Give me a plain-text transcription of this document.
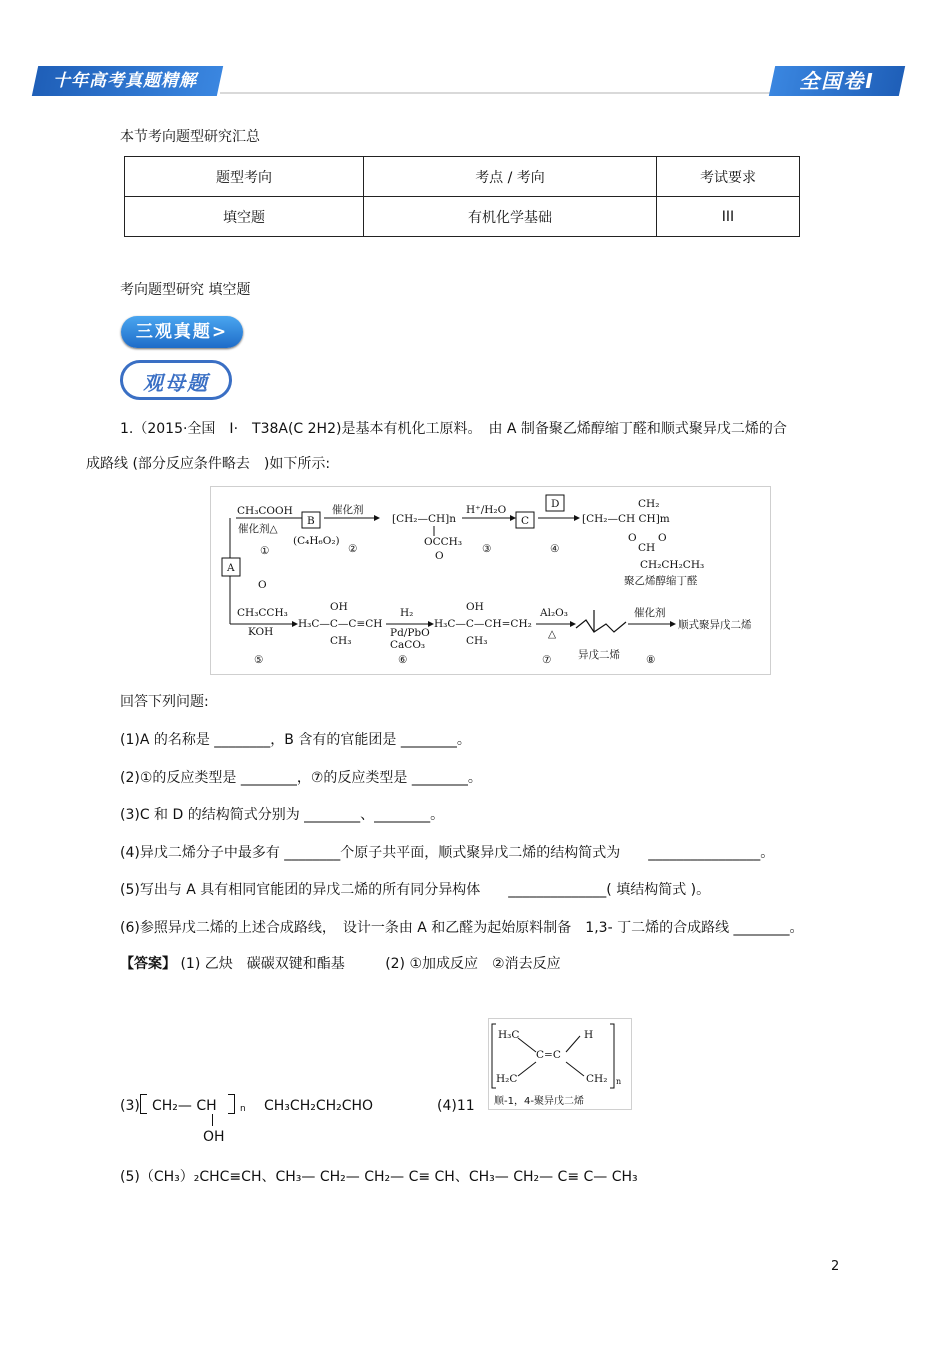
十年高考真题精解	全国卷Ⅰ
本节考向题型研究汇总
题型考向	考点 / 考向	考试要求
填空题	有机化学基础	III
考向题型研究 填空题
三观真题>
观母题
1.（2015·全国　Ⅰ·　T38A(C 2H2)是基本有机化工原料。　由 A 制备聚乙烯醇缩丁醛和顺式聚异戊二烯的合
成路线 (部分反应条件略去　)如下所示:
CH₃COOH
催化剂△
①
B
(C₄H₆O₂)
催化剂
②
[CH₂—CH]n
OCCH₃
O
H⁺/H₂O
③
C
D
④
[CH₂—CH CH]m
CH₂
O O
CH
CH₂CH₂CH₃
聚乙烯醇缩丁醛
A
O
CH₃CCH₃
KOH
⑤
OH
H₃C—C—C≡CH
CH₃
H₂
Pd/PbO
CaCO₃
⑥
OH
H₃C—C—CH=CH₂
CH₃
Al₂O₃
△
⑦	异戊二烯
催化剂
⑧
顺式聚异戊二烯
回答下列问题:
(1)A 的名称是 ________，B 含有的官能团是 ________。
(2)①的反应类型是 ________，⑦的反应类型是 ________。
(3)C 和 D 的结构简式分别为 ________、________。
(4)异戊二烯分子中最多有 ________个原子共平面，顺式聚异戊二烯的结构简式为　　________________。
(5)写出与 A 具有相同官能团的异戊二烯的所有同分异构体　　______________( 填结构简式 )。
(6)参照异戊二烯的上述合成路线，　设计一条由 A 和乙醛为起始原料制备　1,3- 丁二烯的合成路线 ________。
【答案】 (1) 乙炔　碳碳双键和酯基	(2) ①加成反应　②消去反应
(3) CH₂— CH	n
OH
CH₃CH₂CH₂CHO	(4)11
H₃C	H
C=C
H₂C	CH₂ n
顺-1，4-聚异戊二烯
(5)（CH₃）₂CHC≡CH、CH₃— CH₂— CH₂— C≡ CH、CH₃— CH₂— C≡ C— CH₃
2
